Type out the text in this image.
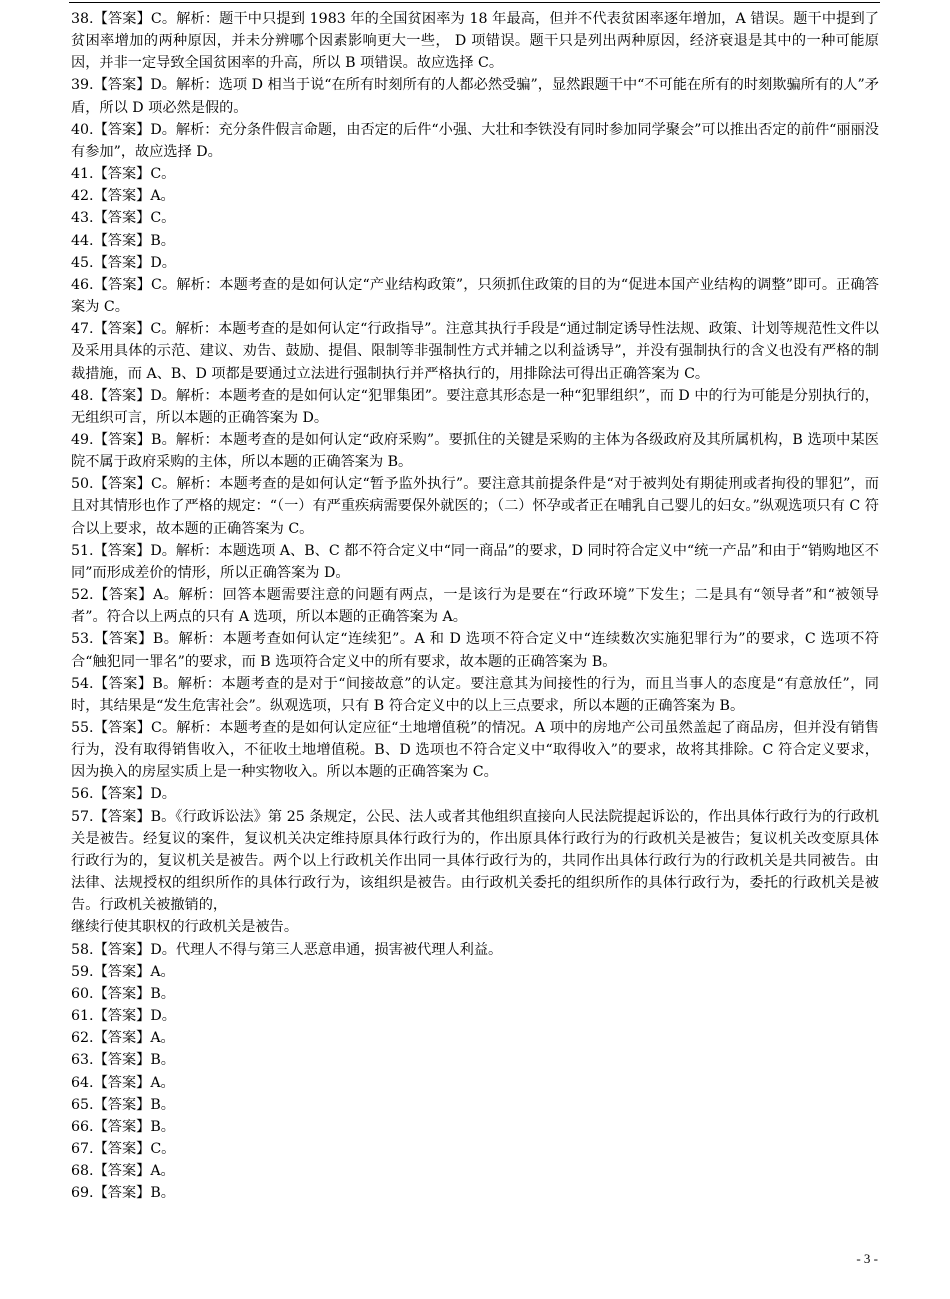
38.【答案】C。解析：题干中只提到 1983 年的全国贫困率为 18 年最高，但并不代表贫困率逐年增加，A 错误。题干中提到了贫困率增加的两种原因，并未分辨哪个因素影响更大一些， D 项错误。题干只是列出两种原因，经济衰退是其中的一种可能原因，并非一定导致全国贫困率的升高，所以 B 项错误。故应选择 C。

39.【答案】D。解析：选项 D 相当于说“在所有时刻所有的人都必然受骗”，显然跟题干中“不可能在所有的时刻欺骗所有的人”矛盾，所以 D 项必然是假的。

40.【答案】D。解析：充分条件假言命题，由否定的后件“小强、大壮和李铁没有同时参加同学聚会”可以推出否定的前件“丽丽没有参加”，故应选择 D。

41.【答案】C。

42.【答案】A。

43.【答案】C。

44.【答案】B。

45.【答案】D。

46.【答案】C。解析：本题考查的是如何认定“产业结构政策”，只须抓住政策的目的为“促进本国产业结构的调整”即可。正确答案为 C。

47.【答案】C。解析：本题考查的是如何认定“行政指导”。注意其执行手段是“通过制定诱导性法规、政策、计划等规范性文件以及采用具体的示范、建议、劝告、鼓励、提倡、限制等非强制性方式并辅之以利益诱导”，并没有强制执行的含义也没有严格的制裁措施，而 A、B、D 项都是要通过立法进行强制执行并严格执行的，用排除法可得出正确答案为 C。

48.【答案】D。解析：本题考查的是如何认定“犯罪集团”。要注意其形态是一种“犯罪组织”，而 D 中的行为可能是分别执行的，无组织可言，所以本题的正确答案为 D。

49.【答案】B。解析：本题考查的是如何认定“政府采购”。要抓住的关键是采购的主体为各级政府及其所属机构，B 选项中某医院不属于政府采购的主体，所以本题的正确答案为 B。

50.【答案】C。解析：本题考查的是如何认定“暂予监外执行”。要注意其前提条件是“对于被判处有期徒刑或者拘役的罪犯”，而且对其情形也作了严格的规定：“（一）有严重疾病需要保外就医的；（二）怀孕或者正在哺乳自己婴儿的妇女。”纵观选项只有 C 符合以上要求，故本题的正确答案为 C。

51.【答案】D。解析：本题选项 A、B、C 都不符合定义中“同一商品”的要求，D 同时符合定义中“统一产品”和由于“销购地区不同”而形成差价的情形，所以正确答案为 D。

52.【答案】A。解析：回答本题需要注意的问题有两点，一是该行为是要在“行政环境”下发生；二是具有“领导者”和“被领导者”。符合以上两点的只有 A 选项，所以本题的正确答案为 A。

53.【答案】B。解析：本题考查如何认定“连续犯”。A 和 D 选项不符合定义中“连续数次实施犯罪行为”的要求，C 选项不符合“触犯同一罪名”的要求，而 B 选项符合定义中的所有要求，故本题的正确答案为 B。

54.【答案】B。解析：本题考查的是对于“间接故意”的认定。要注意其为间接性的行为，而且当事人的态度是“有意放任”，同时，其结果是“发生危害社会”。纵观选项，只有 B 符合定义中的以上三点要求，所以本题的正确答案为 B。

55.【答案】C。解析：本题考查的是如何认定应征“土地增值税”的情况。A 项中的房地产公司虽然盖起了商品房，但并没有销售行为，没有取得销售收入，不征收土地增值税。B、D 选项也不符合定义中“取得收入”的要求，故将其排除。C 符合定义要求，因为换入的房屋实质上是一种实物收入。所以本题的正确答案为 C。

56.【答案】D。

57.【答案】B。《行政诉讼法》第 25 条规定，公民、法人或者其他组织直接向人民法院提起诉讼的，作出具体行政行为的行政机关是被告。经复议的案件，复议机关决定维持原具体行政行为的，作出原具体行政行为的行政机关是被告；复议机关改变原具体行政行为的，复议机关是被告。两个以上行政机关作出同一具体行政行为的，共同作出具体行政行为的行政机关是共同被告。由法律、法规授权的组织所作的具体行政行为，该组织是被告。由行政机关委托的组织所作的具体行政行为，委托的行政机关是被告。行政机关被撤销的，

继续行使其职权的行政机关是被告。

58.【答案】D。代理人不得与第三人恶意串通，损害被代理人利益。

59.【答案】A。

60.【答案】B。

61.【答案】D。

62.【答案】A。

63.【答案】B。

64.【答案】A。

65.【答案】B。

66.【答案】B。

67.【答案】C。

68.【答案】A。

69.【答案】B。

- 3 -
